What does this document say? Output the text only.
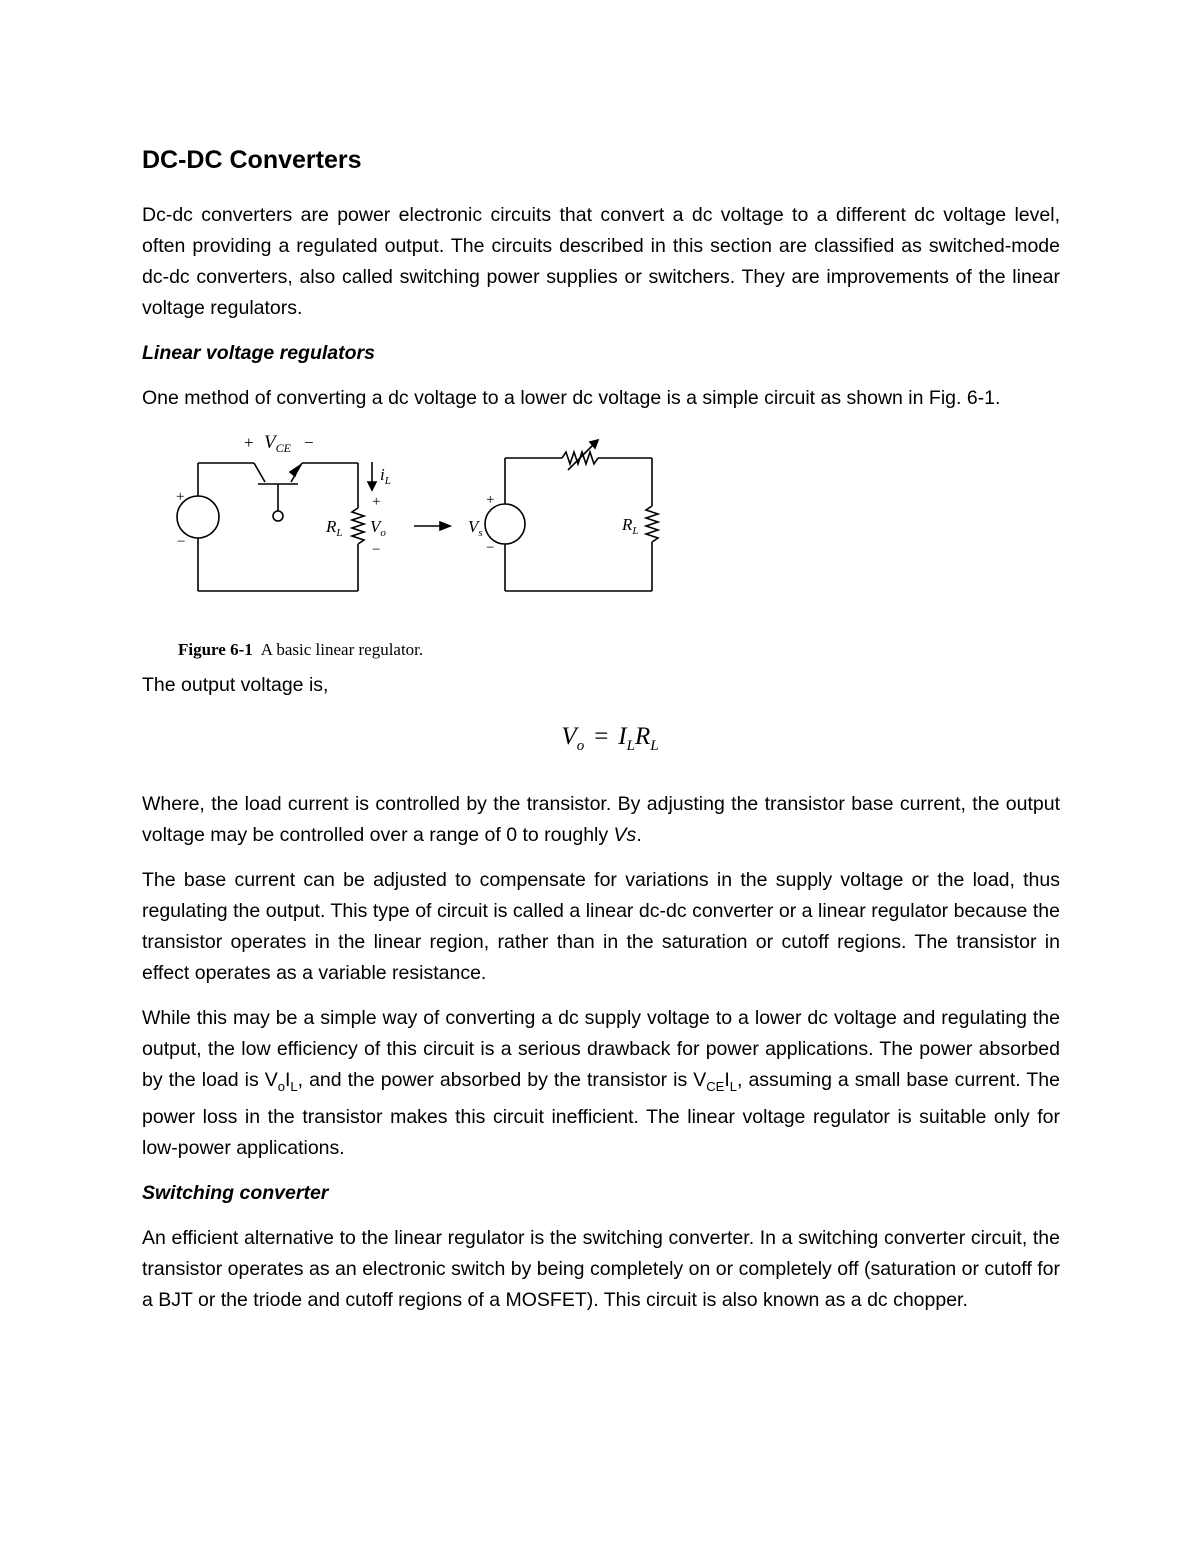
DC-DC Converters

Dc-dc converters are power electronic circuits that convert a dc voltage to a different dc voltage level, often providing a regulated output. The circuits described in this section are classified as switched-mode dc-dc converters, also called switching power supplies or switchers. They are improvements of the linear voltage regulators.

Linear voltage regulators

One method of converting a dc voltage to a lower dc voltage is a simple circuit as shown in Fig. 6-1.

+ $V_{CE}$ −
+
−
$i_L$
+
$R_L$ $V_o$
−
+
$V_s$
−
$R_L$
Figure 6-1 A basic linear regulator.

The output voltage is,

$V_o = I_LR_L$

Where, the load current is controlled by the transistor. By adjusting the transistor base current, the output voltage may be controlled over a range of 0 to roughly Vs.

The base current can be adjusted to compensate for variations in the supply voltage or the load, thus regulating the output. This type of circuit is called a linear dc-dc converter or a linear regulator because the transistor operates in the linear region, rather than in the saturation or cutoff regions. The transistor in effect operates as a variable resistance.

While this may be a simple way of converting a dc supply voltage to a lower dc voltage and regulating the output, the low efficiency of this circuit is a serious drawback for power applications. The power absorbed by the load is $V_oI_L$, and the power absorbed by the transistor is $V_{CE}I_L$, assuming a small base current. The power loss in the transistor makes this circuit inefficient. The linear voltage regulator is suitable only for low-power applications.

Switching converter

An efficient alternative to the linear regulator is the switching converter. In a switching converter circuit, the transistor operates as an electronic switch by being completely on or completely off (saturation or cutoff for a BJT or the triode and cutoff regions of a MOSFET). This circuit is also known as a dc chopper.
